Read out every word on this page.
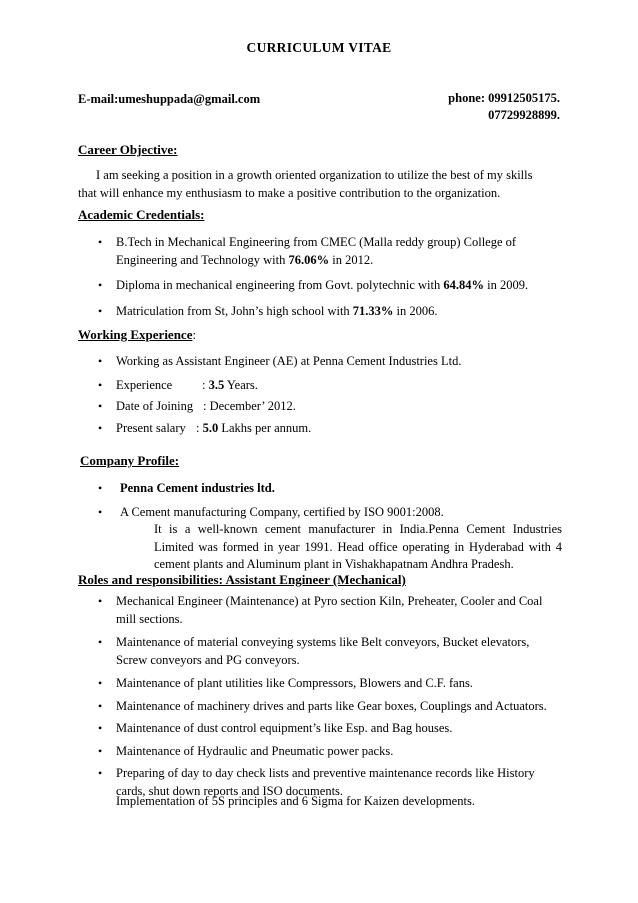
CURRICULUM VITAE
E-mail:umeshuppada@gmail.com	phone: 09912505175.
07729928899.
Career Objective:
I am seeking a position in a growth oriented organization to utilize the best of my skills
that will enhance my enthusiasm to make a positive contribution to the organization.
Academic Credentials:
• B.Tech in Mechanical Engineering from CMEC (Malla reddy group) College of Engineering and Technology with 76.06% in 2012.
• Diploma in mechanical engineering from Govt. polytechnic with 64.84% in 2009.
• Matriculation from St, John’s high school with 71.33% in 2006.
Working Experience:
• Working as Assistant Engineer (AE) at Penna Cement Industries Ltd.
• Experience : 3.5 Years.
• Date of Joining : December’ 2012.
• Present salary : 5.0 Lakhs per annum.
Company Profile:
• Penna Cement industries ltd.
• A Cement manufacturing Company, certified by ISO 9001:2008.
It is a well-known cement manufacturer in India.Penna Cement Industries Limited was formed in year 1991. Head office operating in Hyderabad with 4 cement plants and Aluminum plant in Vishakhapatnam Andhra Pradesh.
Roles and responsibilities: Assistant Engineer (Mechanical)
• Mechanical Engineer (Maintenance) at Pyro section Kiln, Preheater, Cooler and Coal mill sections.
• Maintenance of material conveying systems like Belt conveyors, Bucket elevators, Screw conveyors and PG conveyors.
• Maintenance of plant utilities like Compressors, Blowers and C.F. fans.
• Maintenance of machinery drives and parts like Gear boxes, Couplings and Actuators.
• Maintenance of dust control equipment’s like Esp. and Bag houses.
• Maintenance of Hydraulic and Pneumatic power packs.
• Preparing of day to day check lists and preventive maintenance records like History cards, shut down reports and ISO documents.
Implementation of 5S principles and 6 Sigma for Kaizen developments.
